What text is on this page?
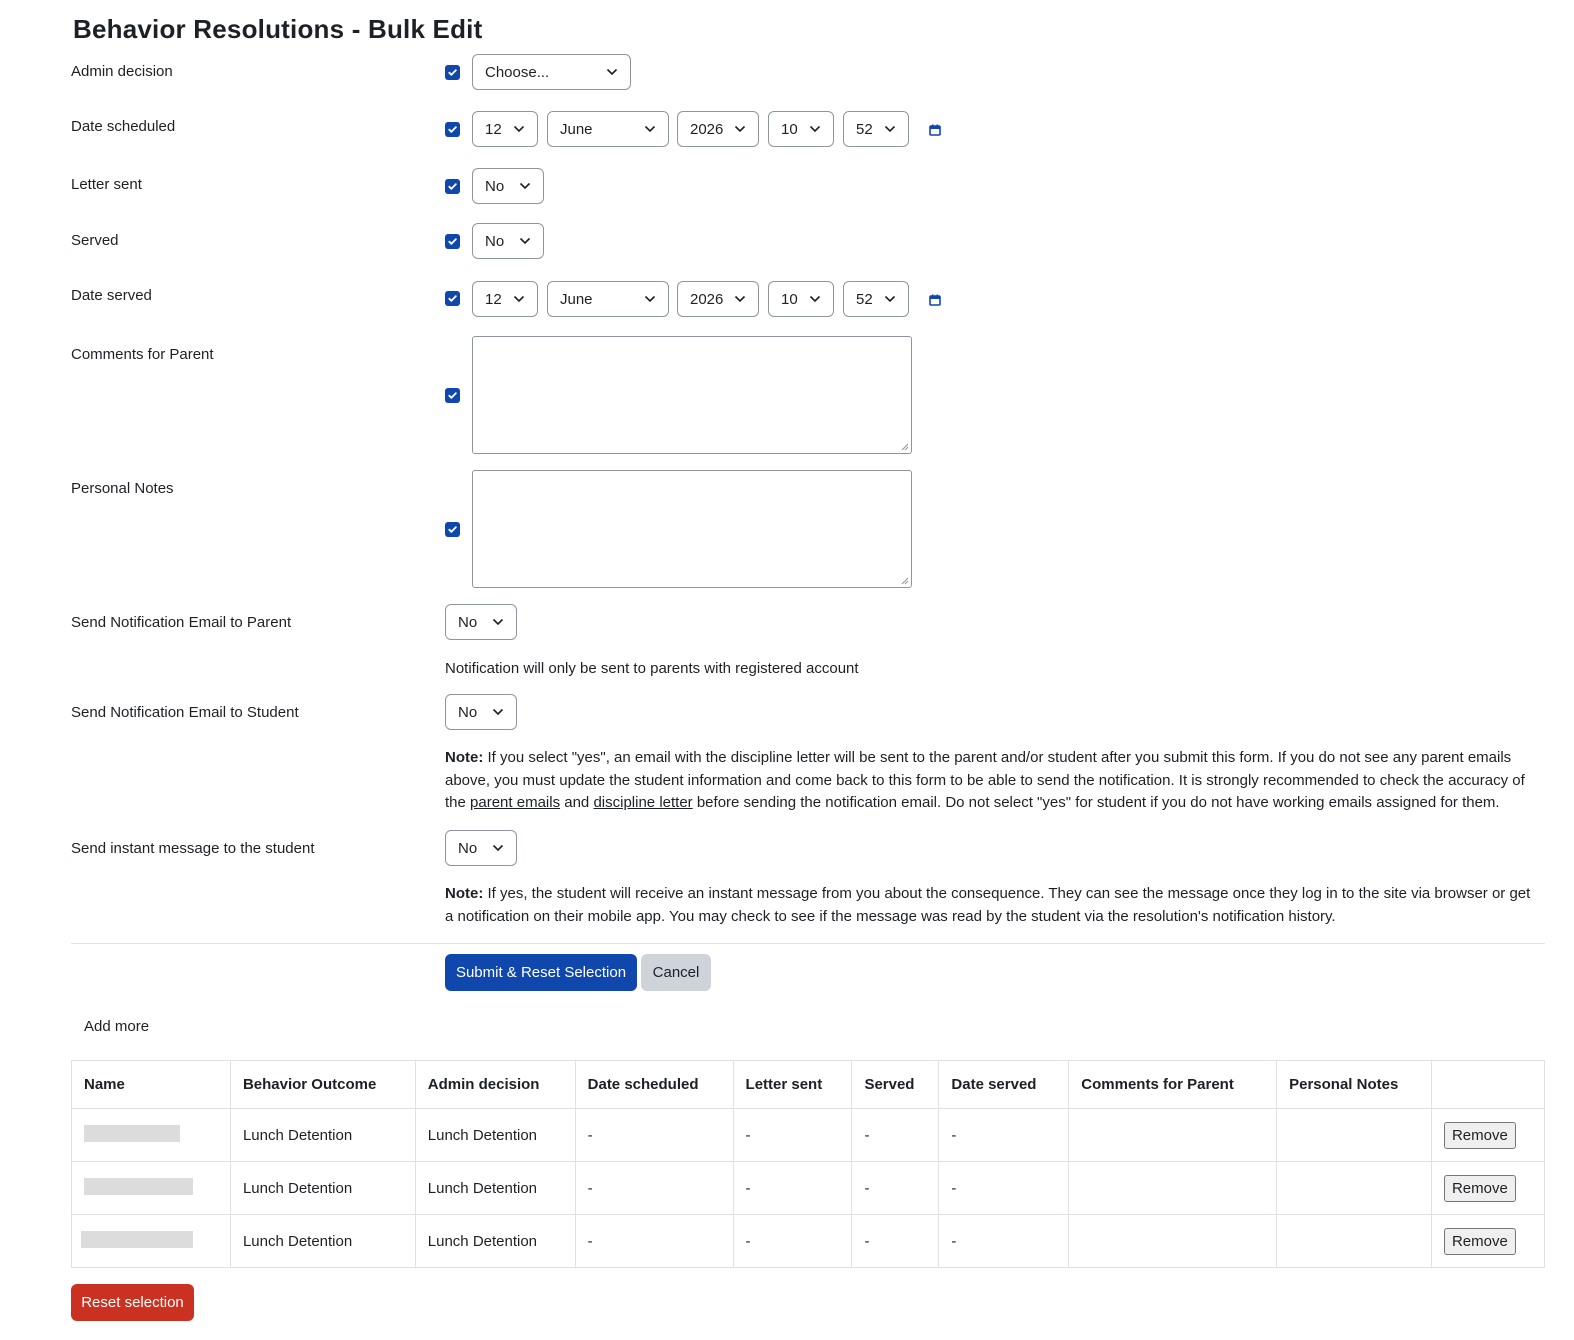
Behavior Resolutions - Bulk Edit
Admin decision	Choose...
Date scheduled	12	June	2026	10	52
Letter sent	No
Served	No
Date served	12	June	2026	10	52
Comments for Parent
Personal Notes
Send Notification Email to Parent	No
Notification will only be sent to parents with registered account
Send Notification Email to Student	No
Note: If you select "yes", an email with the discipline letter will be sent to the parent and/or student after you submit this form. If you do not see any parent emails above, you must update the student information and come back to this form to be able to send the notification. It is strongly recommended to check the accuracy of the parent emails and discipline letter before sending the notification email. Do not select "yes" for student if you do not have working emails assigned for them.
Send instant message to the student	No
Note: If yes, the student will receive an instant message from you about the consequence. They can see the message once they log in to the site via browser or get a notification on their mobile app. You may check to see if the message was read by the student via the resolution's notification history.
Submit & Reset Selection	Cancel
Add more
Name	Behavior Outcome	Admin decision	Date scheduled	Letter sent	Served	Date served	Comments for Parent	Personal Notes	
	Lunch Detention	Lunch Detention	-	-	-	-			Remove
	Lunch Detention	Lunch Detention	-	-	-	-			Remove
	Lunch Detention	Lunch Detention	-	-	-	-			Remove
Reset selection
